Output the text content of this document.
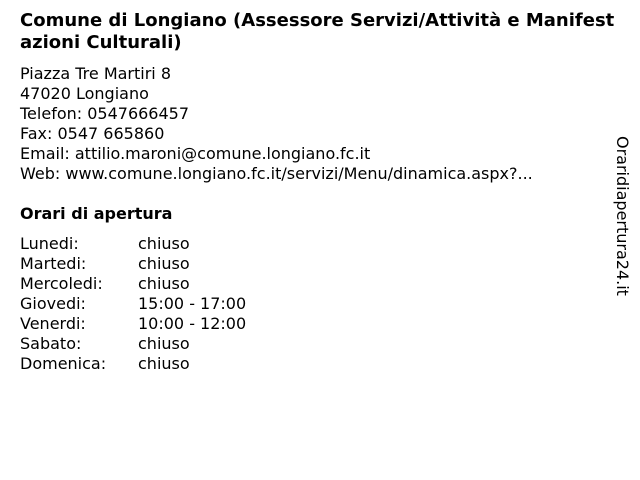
Comune di Longiano (Assessore Servizi/Attività e Manifestazioni Culturali)
Piazza Tre Martiri 8
47020 Longiano
Telefon: 0547666457
Fax: 0547 665860
Email: attilio.maroni@comune.longiano.fc.it
Web: www.comune.longiano.fc.it/servizi/Menu/dinamica.aspx?...
Orari di apertura
Lunedi:	chiuso
Martedi:	chiuso
Mercoledi: chiuso
Giovedi:	15:00 - 17:00
Venerdi:	10:00 - 12:00
Sabato:	chiuso
Domenica: chiuso
Oraridiapertura24.it
